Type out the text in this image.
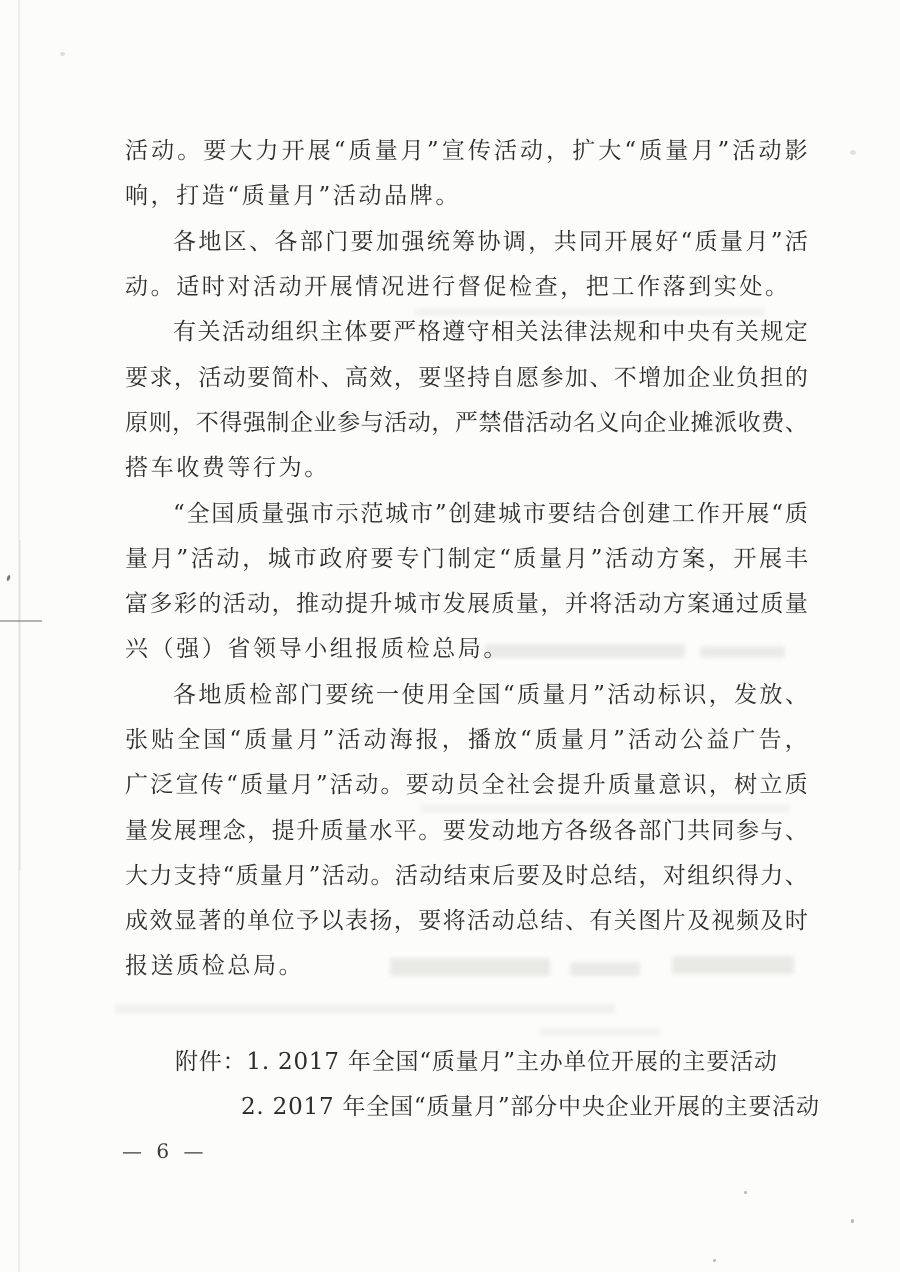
活 动 。 要 大 力 开 展 “ 质 量 月 ” 宣 传 活 动 ， 扩 大 “ 质 量 月 ” 活 动 影
响，打造“质量月”活动品牌。
各 地 区 、 各 部 门 要 加 强 统 筹 协 调 ， 共 同 开 展 好 “ 质 量 月 ” 活
动。适时对活动开展情况进行督促检查，把工作落到实处。
有 关 活 动 组 织 主 体 要 严 格 遵 守 相 关 法 律 法 规 和 中 央 有 关 规 定
要 求 ， 活 动 要 简 朴 、 高 效 ， 要 坚 持 自 愿 参 加 、 不 增 加 企 业 负 担 的
原 则 ， 不 得 强 制 企 业 参 与 活 动 ， 严 禁 借 活 动 名 义 向 企 业 摊 派 收 费 、
搭车收费等行为。
“ 全 国 质 量 强 市 示 范 城 市 ” 创 建 城 市 要 结 合 创 建 工 作 开 展 “ 质
量 月 ” 活 动 ， 城 市 政 府 要 专 门 制 定 “ 质 量 月 ” 活 动 方 案 ， 开 展 丰
富 多 彩 的 活 动 ， 推 动 提 升 城 市 发 展 质 量 ， 并 将 活 动 方 案 通 过 质 量
兴（强）省领导小组报质检总局。
各 地 质 检 部 门 要 统 一 使 用 全 国 “ 质 量 月 ” 活 动 标 识 ， 发 放 、
张 贴 全 国 “ 质 量 月 ” 活 动 海 报 ， 播 放 “ 质 量 月 ” 活 动 公 益 广 告 ，
广 泛 宣 传 “ 质 量 月 ” 活 动 。 要 动 员 全 社 会 提 升 质 量 意 识 ， 树 立 质
量 发 展 理 念 ， 提 升 质 量 水 平 。 要 发 动 地 方 各 级 各 部 门 共 同 参 与 、
大 力 支 持 “ 质 量 月 ” 活 动 。 活 动 结 束 后 要 及 时 总 结 ， 对 组 织 得 力 、
成 效 显 著 的 单 位 予 以 表 扬 ， 要 将 活 动 总 结 、 有 关 图 片 及 视 频 及 时
报送质检总局。
附件：1. 2017 年全国“质量月”主办单位开展的主要活动
2. 2017 年全国“质量月”部分中央企业开展的主要活动
— 6 —
